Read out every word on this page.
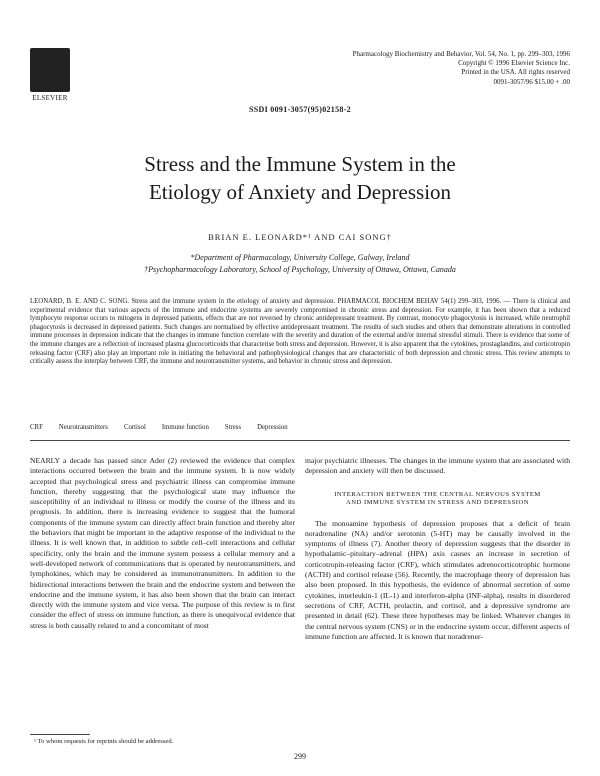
ELSEVIER
Pharmacology Biochemistry and Behavior, Vol. 54, No. 1, pp. 299–303, 1996
Copyright © 1996 Elsevier Science Inc.
Printed in the USA. All rights reserved
0091-3057/96 $15.00 + .00
SSDI 0091-3057(95)02158-2
Stress and the Immune System in the
Etiology of Anxiety and Depression
BRIAN E. LEONARD*¹ AND CAI SONG†
*Department of Pharmacology, University College, Galway, Ireland
†Psychopharmacology Laboratory, School of Psychology, University of Ottawa, Ottawa, Canada
LEONARD, B. E. AND C. SONG. Stress and the immune system in the etiology of anxiety and depression. PHARMACOL BIOCHEM BEHAV 54(1) 299–303, 1996. — There is clinical and experimental evidence that various aspects of the immune and endocrine systems are severely compromised in chronic stress and depression. For example, it has been shown that a reduced lymphocyte response occurs to mitogens in depressed patients, effects that are not reversed by chronic antidepressant treatment. By contrast, monocyte phagocytosis is increased, while neutrophil phagocytosis is decreased in depressed patients. Such changes are normalised by effective antidepressant treatment. The results of such studies and others that demonstrate alterations in controlled immune processes in depression indicate that the changes in immune function correlate with the severity and duration of the external and/or internal stressful stimuli. There is evidence that some of the immune changes are a reflection of increased plasma glucocorticoids that characterise both stress and depression. However, it is also apparent that the cytokines, prostaglandins, and corticotropin releasing factor (CRF) also play an important role in initiating the behavioral and pathophysiological changes that are characteristic of both depression and chronic stress. This review attempts to critically assess the interplay between CRF, the immune and neurotransmitter systems, and behavior in chronic stress and depression.
CRF Neurotransmitters Cortisol Immune function Stress Depression

NEARLY a decade has passed since Ader (2) reviewed the evidence that complex interactions occurred between the brain and the immune system. It is now widely accepted that psychological stress and psychiatric illness can compromise immune function, thereby suggesting that the psychological state may influence the susceptibility of an individual to illness or modify the course of the illness and its prognosis. In addition, there is increasing evidence to suggest that the humoral components of the immune system can directly affect brain function and thereby alter the behaviors that might be important in the adaptive response of the individual to the illness. It is well known that, in addition to subtle cell–cell interactions and cellular specificity, only the brain and the immune system possess a cellular memory and a well-developed network of communications that is operated by neurotransmitters, and lymphokines, which may be considered as immunotransmitters. In addition to the bidirectional interactions between the brain and the endocrine system and between the endocrine and the immune system, it has also been shown that the brain can interact directly with the immune system and vice versa. The purpose of this review is to first consider the effect of stress on immune function, as there is unequivocal evidence that stress is both causally related to and a concomitant of most

major psychiatric illnesses. The changes in the immune system that are associated with depression and anxiety will then be discussed.

INTERACTION BETWEEN THE CENTRAL NERVOUS SYSTEM
AND IMMUNE SYSTEM IN STRESS AND DEPRESSION

The monoamine hypothesis of depression proposes that a deficit of brain noradrenaline (NA) and/or serotonin (5-HT) may be causally involved in the symptoms of illness (7). Another theory of depression suggests that the disorder in hypothalamic–pituitary–adrenal (HPA) axis causes an increase in secretion of corticotropin-releasing factor (CRF), which stimulates adrenocorticotrophic hormone (ACTH) and cortisol release (56). Recently, the macrophage theory of depression has also been proposed. In this hypothesis, the evidence of abnormal secretion of some cytokines, interleukin-1 (IL-1) and interferon-alpha (INF-alpha), results in disordered secretions of CRF, ACTH, prolactin, and cortisol, and a depressive syndrome are presented in detail (62). These three hypotheses may be linked. Whatever changes in the central nervous system (CNS) or in the endocrine system occur, different aspects of immune function are affected. It is known that noradrener-

¹ To whom requests for reprints should be addressed.
299
